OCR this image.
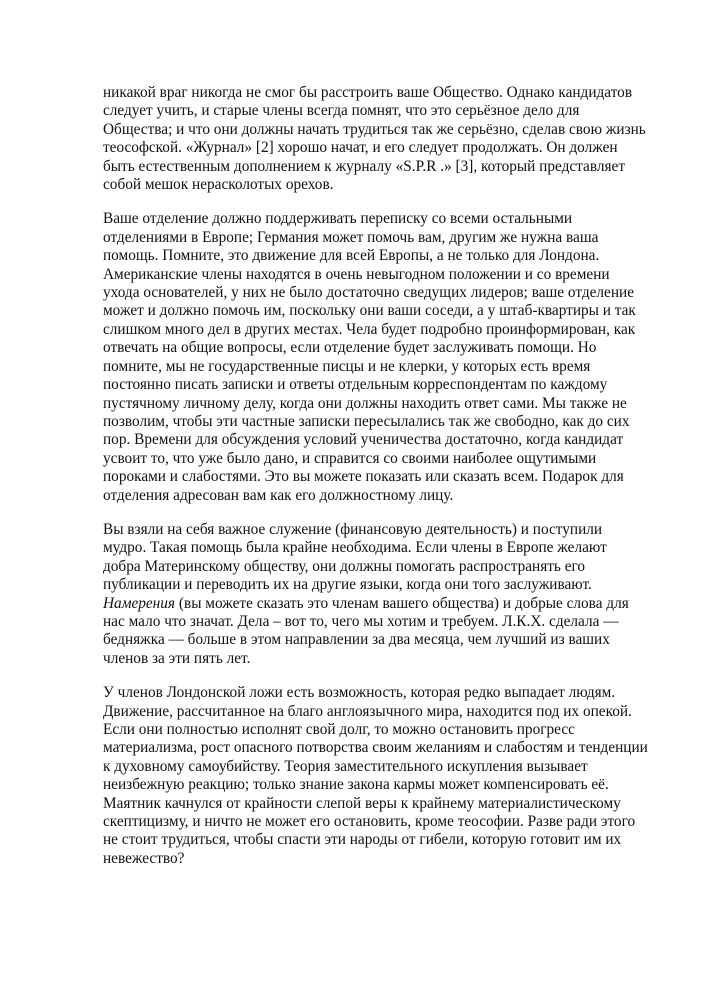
никакой враг никогда не смог бы расстроить ваше Общество. Однако кандидатов следует учить, и старые члены всегда помнят, что это серьёзное дело для Общества; и что они должны начать трудиться так же серьёзно, сделав свою жизнь теософской. «Журнал» [2] хорошо начат, и его следует продолжать. Он должен быть естественным дополнением к журналу «S.P.R .» [3], который представляет собой мешок нерасколотых орехов.

Ваше отделение должно поддерживать переписку со всеми остальными отделениями в Европе; Германия может помочь вам, другим же нужна ваша помощь. Помните, это движение для всей Европы, а не только для Лондона. Американские члены находятся в очень невыгодном положении и со времени ухода основателей, у них не было достаточно сведущих лидеров; ваше отделение может и должно помочь им, поскольку они ваши соседи, а у штаб-квартиры и так слишком много дел в других местах. Чела будет подробно проинформирован, как отвечать на общие вопросы, если отделение будет заслуживать помощи. Но помните, мы не государственные писцы и не клерки, у которых есть время постоянно писать записки и ответы отдельным корреспондентам по каждому пустячному личному делу, когда они должны находить ответ сами. Мы также не позволим, чтобы эти частные записки пересылались так же свободно, как до сих пор. Времени для обсуждения условий ученичества достаточно, когда кандидат усвоит то, что уже было дано, и справится со своими наиболее ощутимыми пороками и слабостями. Это вы можете показать или сказать всем. Подарок для отделения адресован вам как его должностному лицу.

Вы взяли на себя важное служение (финансовую деятельность) и поступили мудро. Такая помощь была крайне необходима. Если члены в Европе желают добра Материнскому обществу, они должны помогать распространять его публикации и переводить их на другие языки, когда они того заслуживают. Намерения (вы можете сказать это членам вашего общества) и добрые слова для нас мало что значат. Дела – вот то, чего мы хотим и требуем. Л.К.Х. сделала — бедняжка — больше в этом направлении за два месяца, чем лучший из ваших членов за эти пять лет.

У членов Лондонской ложи есть возможность, которая редко выпадает людям. Движение, рассчитанное на благо англоязычного мира, находится под их опекой. Если они полностью исполнят свой долг, то можно остановить прогресс материализма, рост опасного потворства своим желаниям и слабостям и тенденции к духовному самоубийству. Теория заместительного искупления вызывает неизбежную реакцию; только знание закона кармы может компенсировать её. Маятник качнулся от крайности слепой веры к крайнему материалистическому скептицизму, и ничто не может его остановить, кроме теософии. Разве ради этого не стоит трудиться, чтобы спасти эти народы от гибели, которую готовит им их невежество?
